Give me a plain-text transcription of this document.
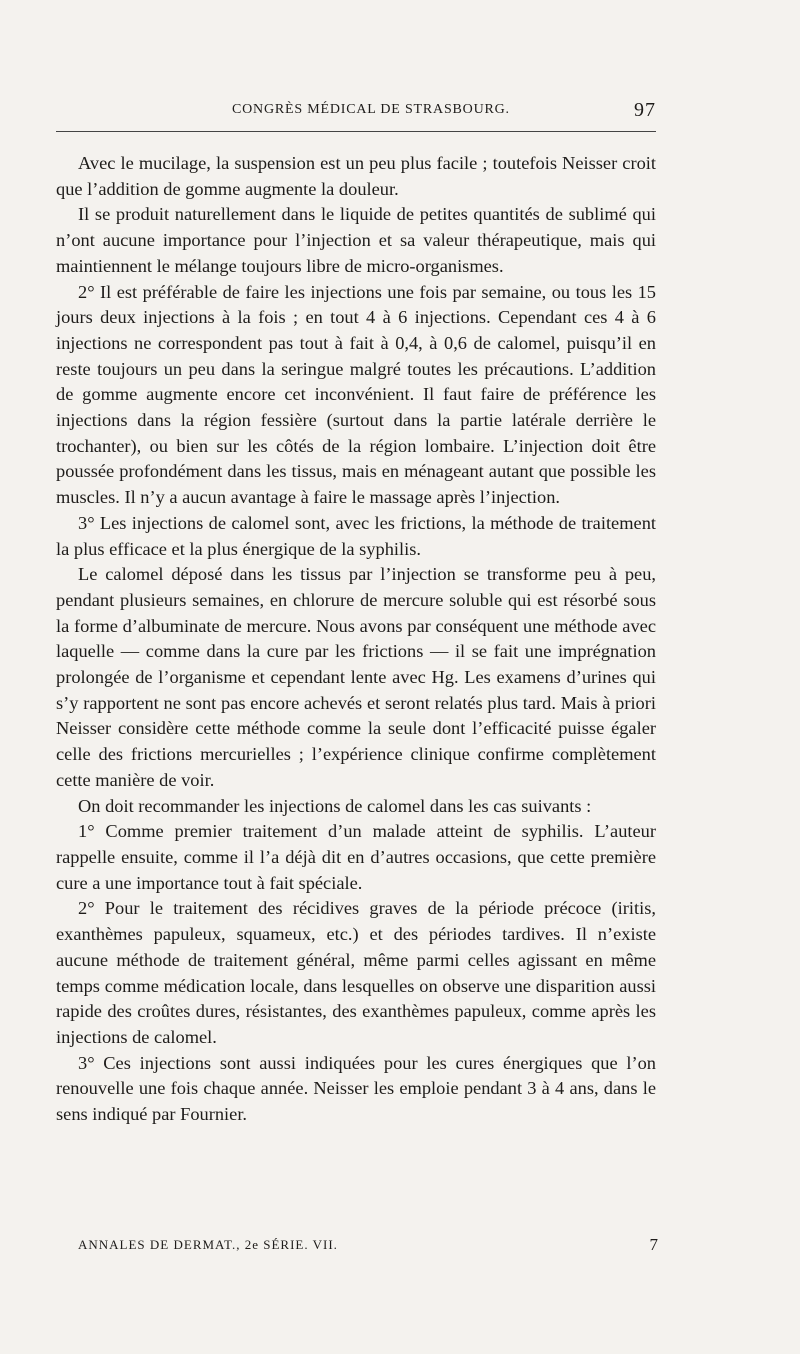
CONGRÈS MÉDICAL DE STRASBOURG.	97

Avec le mucilage, la suspension est un peu plus facile ; toutefois Neisser croit que l’addition de gomme augmente la douleur.

Il se produit naturellement dans le liquide de petites quantités de sublimé qui n’ont aucune importance pour l’injection et sa valeur thérapeutique, mais qui maintiennent le mélange toujours libre de micro-organismes.

2° Il est préférable de faire les injections une fois par semaine, ou tous les 15 jours deux injections à la fois ; en tout 4 à 6 injections. Cependant ces 4 à 6 injections ne correspondent pas tout à fait à 0,4, à 0,6 de calomel, puisqu’il en reste toujours un peu dans la seringue malgré toutes les précautions. L’addition de gomme augmente encore cet inconvénient. Il faut faire de préférence les injections dans la région fessière (surtout dans la partie latérale derrière le trochanter), ou bien sur les côtés de la région lombaire. L’injection doit être poussée profondément dans les tissus, mais en ménageant autant que possible les muscles. Il n’y a aucun avantage à faire le massage après l’injection.

3° Les injections de calomel sont, avec les frictions, la méthode de traitement la plus efficace et la plus énergique de la syphilis.

Le calomel déposé dans les tissus par l’injection se transforme peu à peu, pendant plusieurs semaines, en chlorure de mercure soluble qui est résorbé sous la forme d’albuminate de mercure. Nous avons par conséquent une méthode avec laquelle — comme dans la cure par les frictions — il se fait une imprégnation prolongée de l’organisme et cependant lente avec Hg. Les examens d’urines qui s’y rapportent ne sont pas encore achevés et seront relatés plus tard. Mais à priori Neisser considère cette méthode comme la seule dont l’efficacité puisse égaler celle des frictions mercurielles ; l’expérience clinique confirme complètement cette manière de voir.

On doit recommander les injections de calomel dans les cas suivants :

1° Comme premier traitement d’un malade atteint de syphilis. L’auteur rappelle ensuite, comme il l’a déjà dit en d’autres occasions, que cette première cure a une importance tout à fait spéciale.

2° Pour le traitement des récidives graves de la période précoce (iritis, exanthèmes papuleux, squameux, etc.) et des périodes tardives. Il n’existe aucune méthode de traitement général, même parmi celles agissant en même temps comme médication locale, dans lesquelles on observe une disparition aussi rapide des croûtes dures, résistantes, des exanthèmes papuleux, comme après les injections de calomel.

3° Ces injections sont aussi indiquées pour les cures énergiques que l’on renouvelle une fois chaque année. Neisser les emploie pendant 3 à 4 ans, dans le sens indiqué par Fournier.

ANNALES DE DERMAT., 2e SÉRIE. VII.	7
